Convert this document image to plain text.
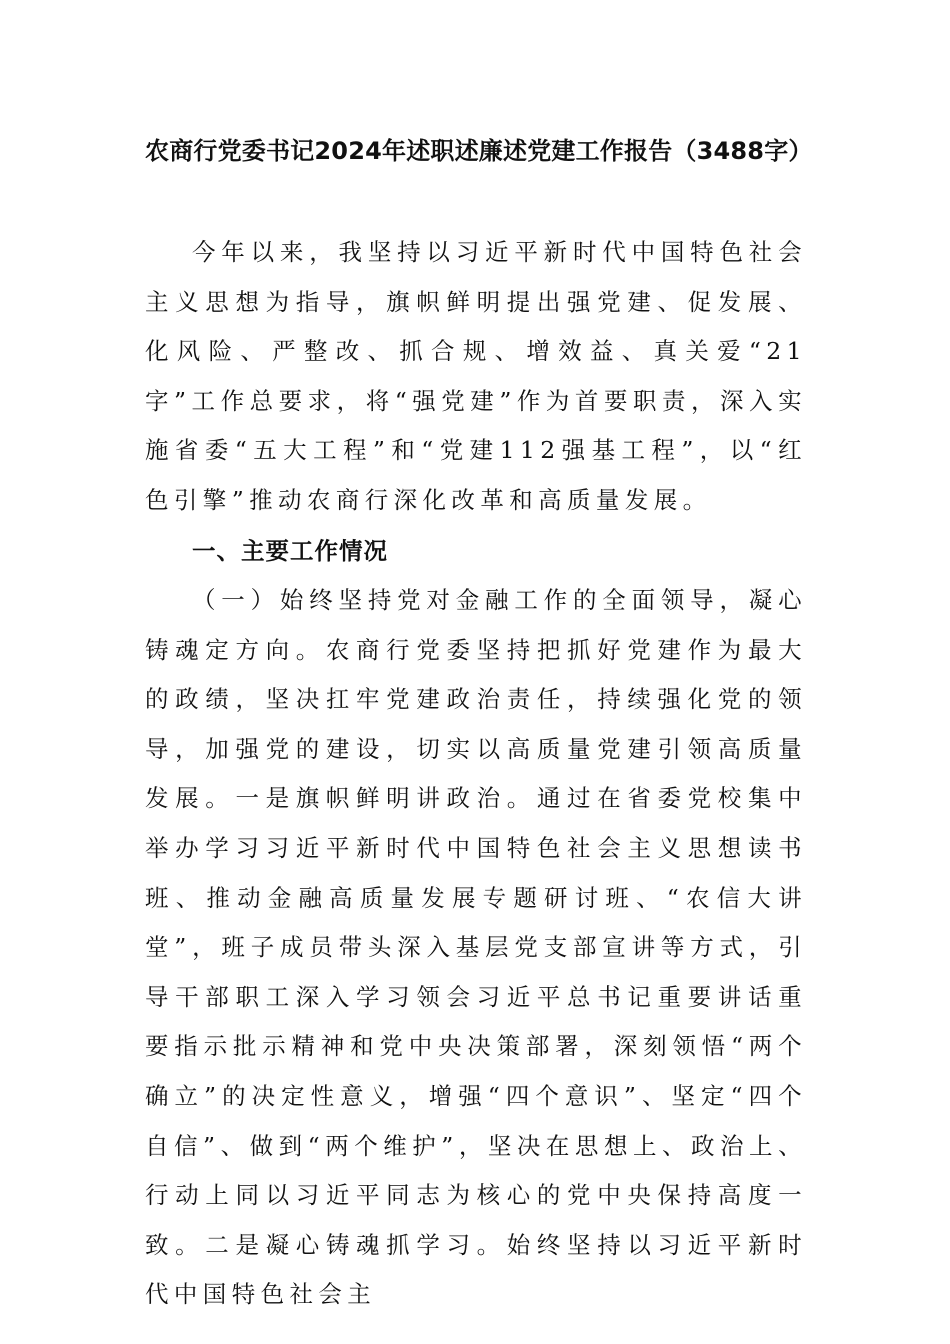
农商行党委书记2024年述职述廉述党建工作报告（3488字）

今年以来，我坚持以习近平新时代中国特色社会主义思想为指导，旗帜鲜明提出强党建、促发展、化风险、严整改、抓合规、增效益、真关爱“21字”工作总要求，将“强党建”作为首要职责，深入实施省委“五大工程”和“党建112强基工程”，以“红色引擎”推动农商行深化改革和高质量发展。

一、主要工作情况

（一）始终坚持党对金融工作的全面领导，凝心铸魂定方向。农商行党委坚持把抓好党建作为最大的政绩，坚决扛牢党建政治责任，持续强化党的领导，加强党的建设，切实以高质量党建引领高质量发展。一是旗帜鲜明讲政治。通过在省委党校集中举办学习习近平新时代中国特色社会主义思想读书班、推动金融高质量发展专题研讨班、“农信大讲堂”，班子成员带头深入基层党支部宣讲等方式，引导干部职工深入学习领会习近平总书记重要讲话重要指示批示精神和党中央决策部署，深刻领悟“两个确立”的决定性意义，增强“四个意识”、坚定“四个自信”、做到“两个维护”，坚决在思想上、政治上、行动上同以习近平同志为核心的党中央保持高度一致。二是凝心铸魂抓学习。始终坚持以习近平新时代中国特色社会主
